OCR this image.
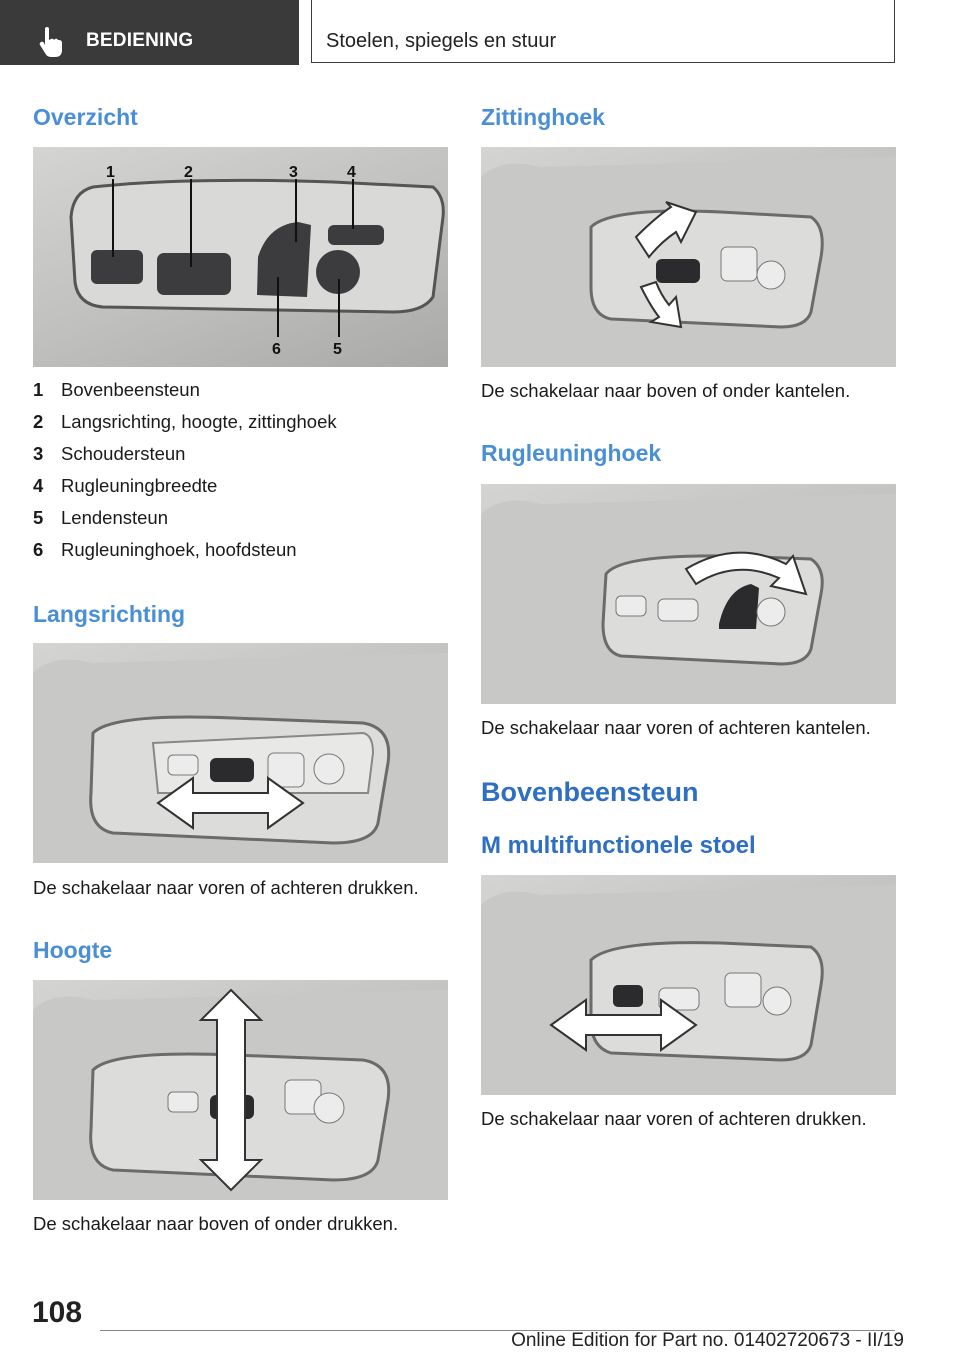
BEDIENING	Stoelen, spiegels en stuur
Overzicht
1	2	3	4
6	5
1 Bovenbeensteun
2 Langsrichting, hoogte, zittinghoek
3 Schoudersteun
4 Rugleuningbreedte
5 Lendensteun
6 Rugleuninghoek, hoofdsteun
Langsrichting
De schakelaar naar voren of achteren drukken.
Hoogte
De schakelaar naar boven of onder drukken.
Zittinghoek
De schakelaar naar boven of onder kantelen.
Rugleuninghoek
De schakelaar naar voren of achteren kantelen.
Bovenbeensteun
M multifunctionele stoel
De schakelaar naar voren of achteren drukken.
108
Online Edition for Part no. 01402720673 - II/19
